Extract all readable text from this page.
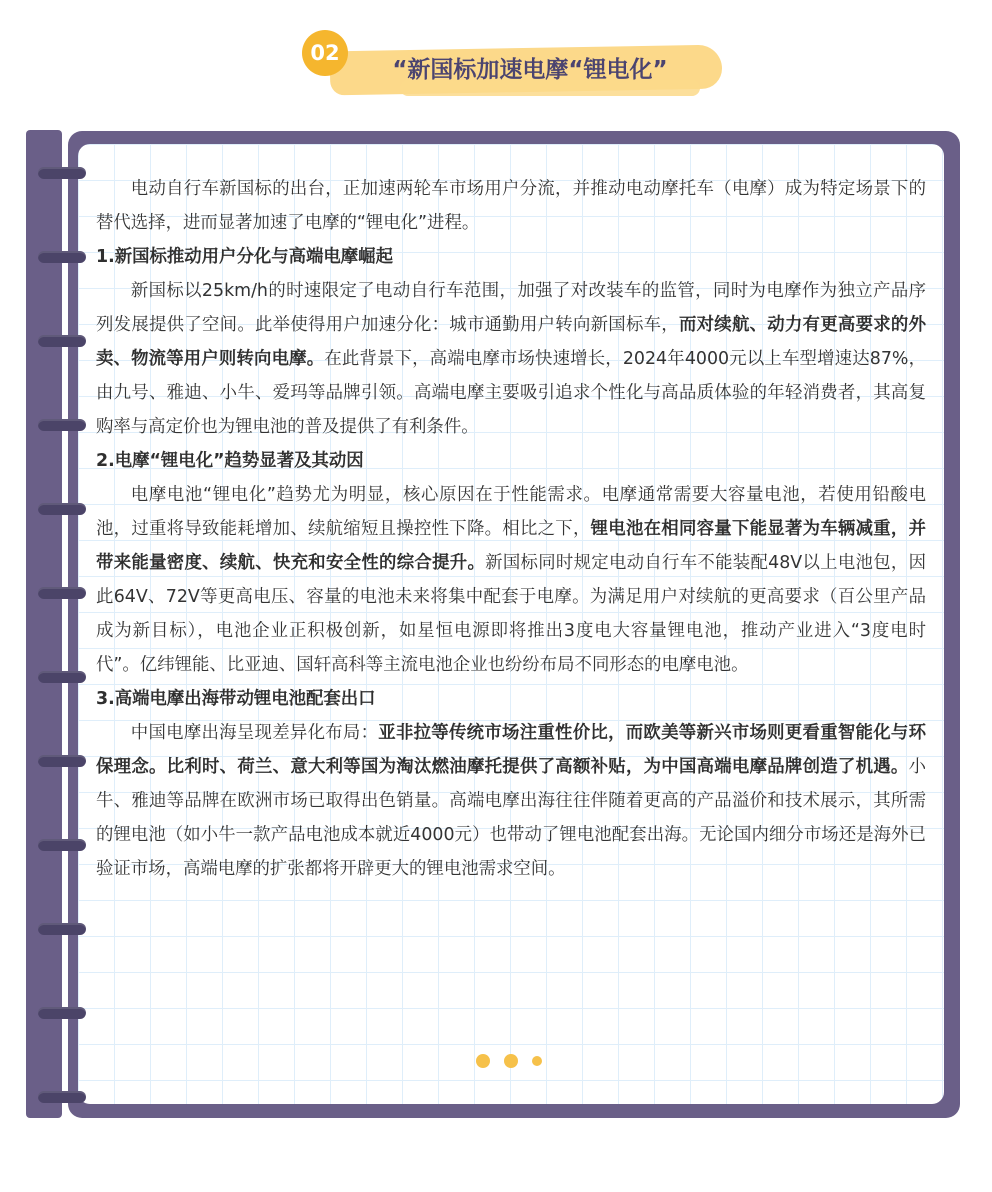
02
“新国标加速电摩“锂电化”

电动自行车新国标的出台，正加速两轮车市场用户分流，并推动电动摩托车（电摩）成为特定场景下的替代选择，进而显著加速了电摩的“锂电化”进程。

1.新国标推动用户分化与高端电摩崛起

新国标以25km/h的时速限定了电动自行车范围，加强了对改装车的监管，同时为电摩作为独立产品序列发展提供了空间。此举使得用户加速分化：城市通勤用户转向新国标车，而对续航、动力有更高要求的外卖、物流等用户则转向电摩。在此背景下，高端电摩市场快速增长，2024年4000元以上车型增速达87%，由九号、雅迪、小牛、爱玛等品牌引领。高端电摩主要吸引追求个性化与高品质体验的年轻消费者，其高复购率与高定价也为锂电池的普及提供了有利条件。

2.电摩“锂电化”趋势显著及其动因

电摩电池“锂电化”趋势尤为明显，核心原因在于性能需求。电摩通常需要大容量电池，若使用铅酸电池，过重将导致能耗增加、续航缩短且操控性下降。相比之下，锂电池在相同容量下能显著为车辆减重，并带来能量密度、续航、快充和安全性的综合提升。新国标同时规定电动自行车不能装配48V以上电池包，因此64V、72V等更高电压、容量的电池未来将集中配套于电摩。为满足用户对续航的更高要求（百公里产品成为新目标），电池企业正积极创新，如星恒电源即将推出3度电大容量锂电池，推动产业进入“3度电时代”。亿纬锂能、比亚迪、国轩高科等主流电池企业也纷纷布局不同形态的电摩电池。

3.高端电摩出海带动锂电池配套出口

中国电摩出海呈现差异化布局：亚非拉等传统市场注重性价比，而欧美等新兴市场则更看重智能化与环保理念。比利时、荷兰、意大利等国为淘汰燃油摩托提供了高额补贴，为中国高端电摩品牌创造了机遇。小牛、雅迪等品牌在欧洲市场已取得出色销量。高端电摩出海往往伴随着更高的产品溢价和技术展示，其所需的锂电池（如小牛一款产品电池成本就近4000元）也带动了锂电池配套出海。无论国内细分市场还是海外已验证市场，高端电摩的扩张都将开辟更大的锂电池需求空间。
